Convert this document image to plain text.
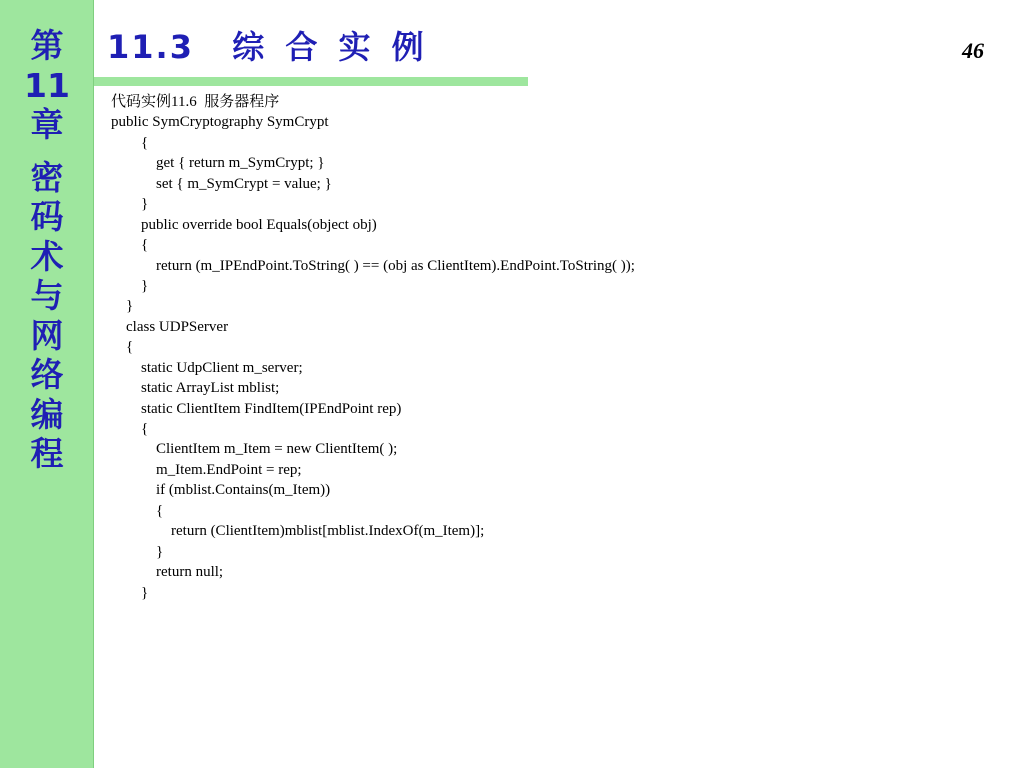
第
11
章
密
码
术
与
网
络
编
程
11.3  综 合 实 例	46
代码实例11.6  服务器程序
public SymCryptography SymCrypt
{
get { return m_SymCrypt; }
set { m_SymCrypt = value; }
}
public override bool Equals(object obj)
{
return (m_IPEndPoint.ToString( ) == (obj as ClientItem).EndPoint.ToString( ));
}
}
class UDPServer
{
static UdpClient m_server;
static ArrayList mblist;
static ClientItem FindItem(IPEndPoint rep)
{
ClientItem m_Item = new ClientItem( );
m_Item.EndPoint = rep;
if (mblist.Contains(m_Item))
{
return (ClientItem)mblist[mblist.IndexOf(m_Item)];
}
return null;
}
